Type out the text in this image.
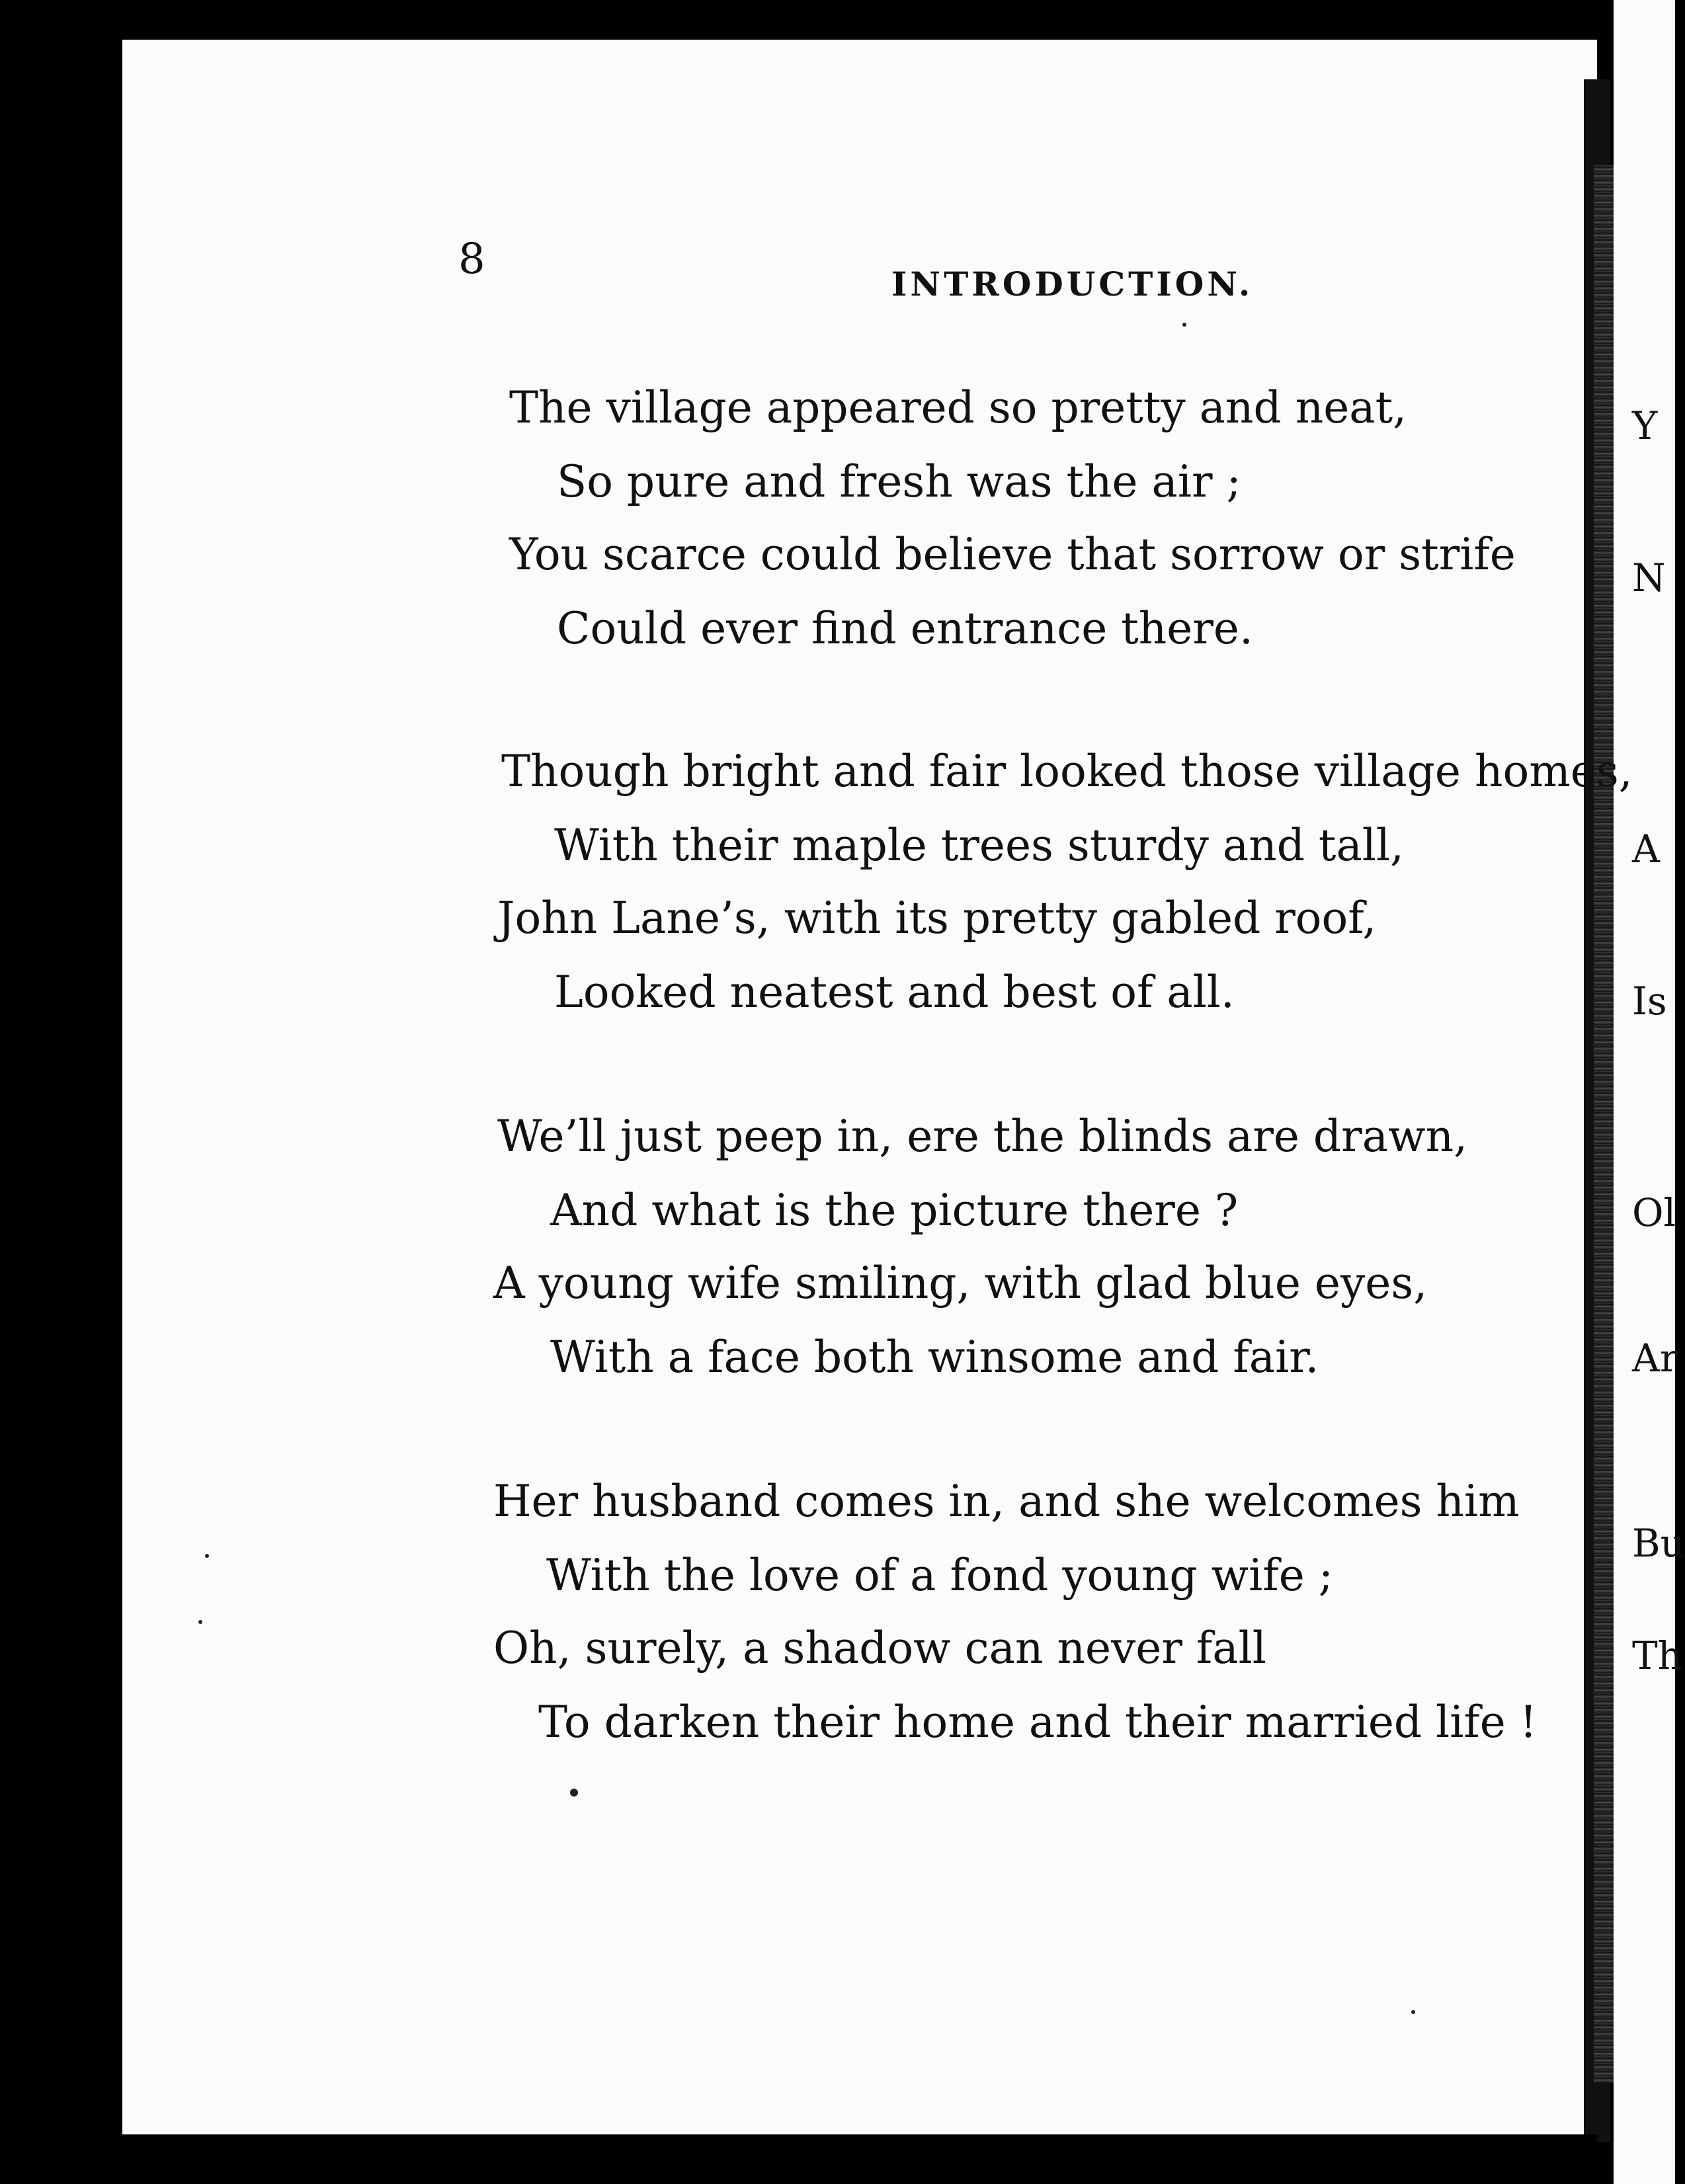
Y
N
A
Is
Ol
Ar
Bu
Th
8
INTRODUCTION.
The village appeared so pretty and neat,
So pure and fresh was the air ;
You scarce could believe that sorrow or strife
Could ever find entrance there.
Though bright and fair looked those village homes,
With their maple trees sturdy and tall,
John Lane’s, with its pretty gabled roof,
Looked neatest and best of all.
We’ll just peep in, ere the blinds are drawn,
And what is the picture there ?
A young wife smiling, with glad blue eyes,
With a face both winsome and fair.
Her husband comes in, and she welcomes him
With the love of a fond young wife ;
Oh, surely, a shadow can never fall
To darken their home and their married life !
